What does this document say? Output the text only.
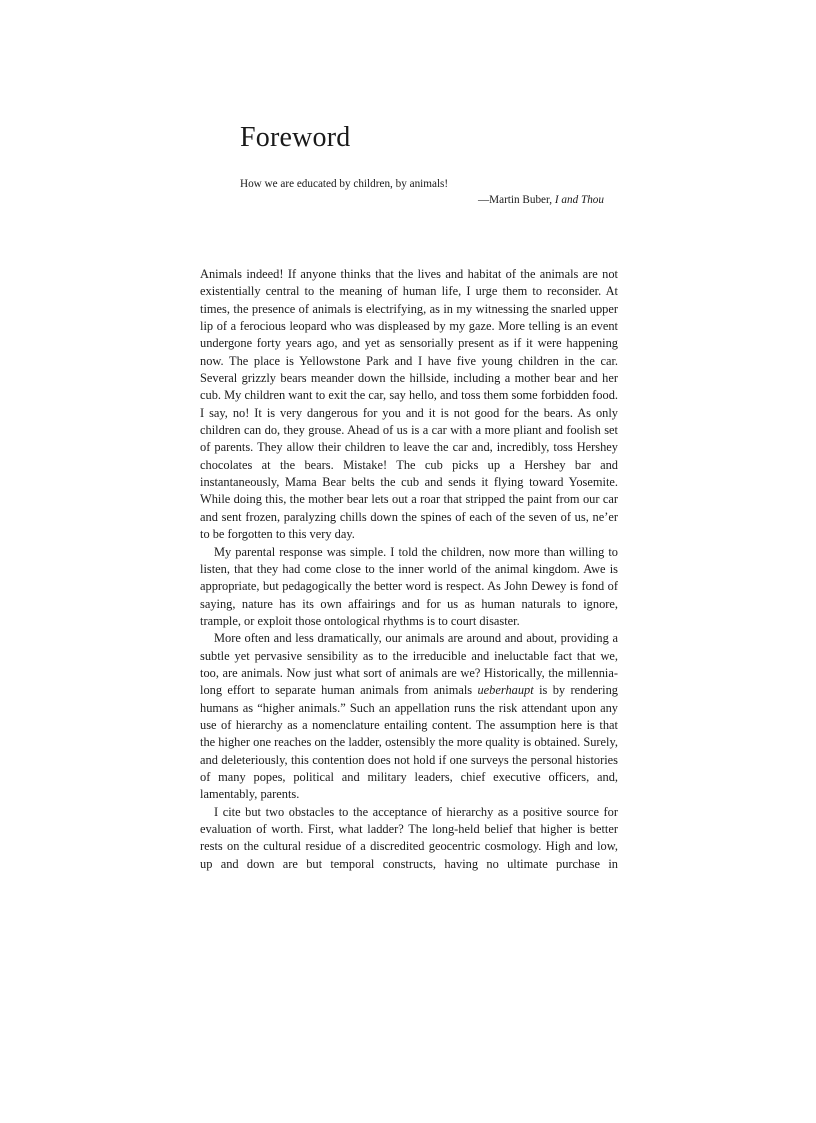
Foreword

How we are educated by children, by animals!

—Martin Buber, I and Thou

Animals indeed! If anyone thinks that the lives and habitat of the animals are not existentially central to the meaning of human life, I urge them to reconsider. At times, the presence of animals is electrifying, as in my witnessing the snarled upper lip of a ferocious leopard who was displeased by my gaze. More telling is an event undergone forty years ago, and yet as sensorially present as if it were happening now. The place is Yellowstone Park and I have five young children in the car. Several grizzly bears meander down the hillside, including a mother bear and her cub. My children want to exit the car, say hello, and toss them some forbidden food. I say, no! It is very dangerous for you and it is not good for the bears. As only children can do, they grouse. Ahead of us is a car with a more pliant and foolish set of parents. They allow their children to leave the car and, incredibly, toss Hershey chocolates at the bears. Mistake! The cub picks up a Hershey bar and instantaneously, Mama Bear belts the cub and sends it flying toward Yosemite. While doing this, the mother bear lets out a roar that stripped the paint from our car and sent frozen, paralyzing chills down the spines of each of the seven of us, ne’er to be forgotten to this very day.

My parental response was simple. I told the children, now more than willing to listen, that they had come close to the inner world of the animal kingdom. Awe is appropriate, but pedagogically the better word is respect. As John Dewey is fond of saying, nature has its own affairings and for us as human naturals to ignore, trample, or exploit those ontological rhythms is to court disaster.

More often and less dramatically, our animals are around and about, providing a subtle yet pervasive sensibility as to the irreducible and ineluctable fact that we, too, are animals. Now just what sort of animals are we? Historically, the millennia-long effort to separate human animals from animals ueberhaupt is by rendering humans as “higher animals.” Such an appellation runs the risk attendant upon any use of hierarchy as a nomenclature entailing content. The assumption here is that the higher one reaches on the ladder, ostensibly the more quality is obtained. Surely, and deleteriously, this contention does not hold if one surveys the personal histories of many popes, political and military leaders, chief executive officers, and, lamentably, parents.

I cite but two obstacles to the acceptance of hierarchy as a positive source for evaluation of worth. First, what ladder? The long-held belief that higher is better rests on the cultural residue of a discredited geocentric cosmology. High and low, up and down are but temporal constructs, having no ultimate purchase in
